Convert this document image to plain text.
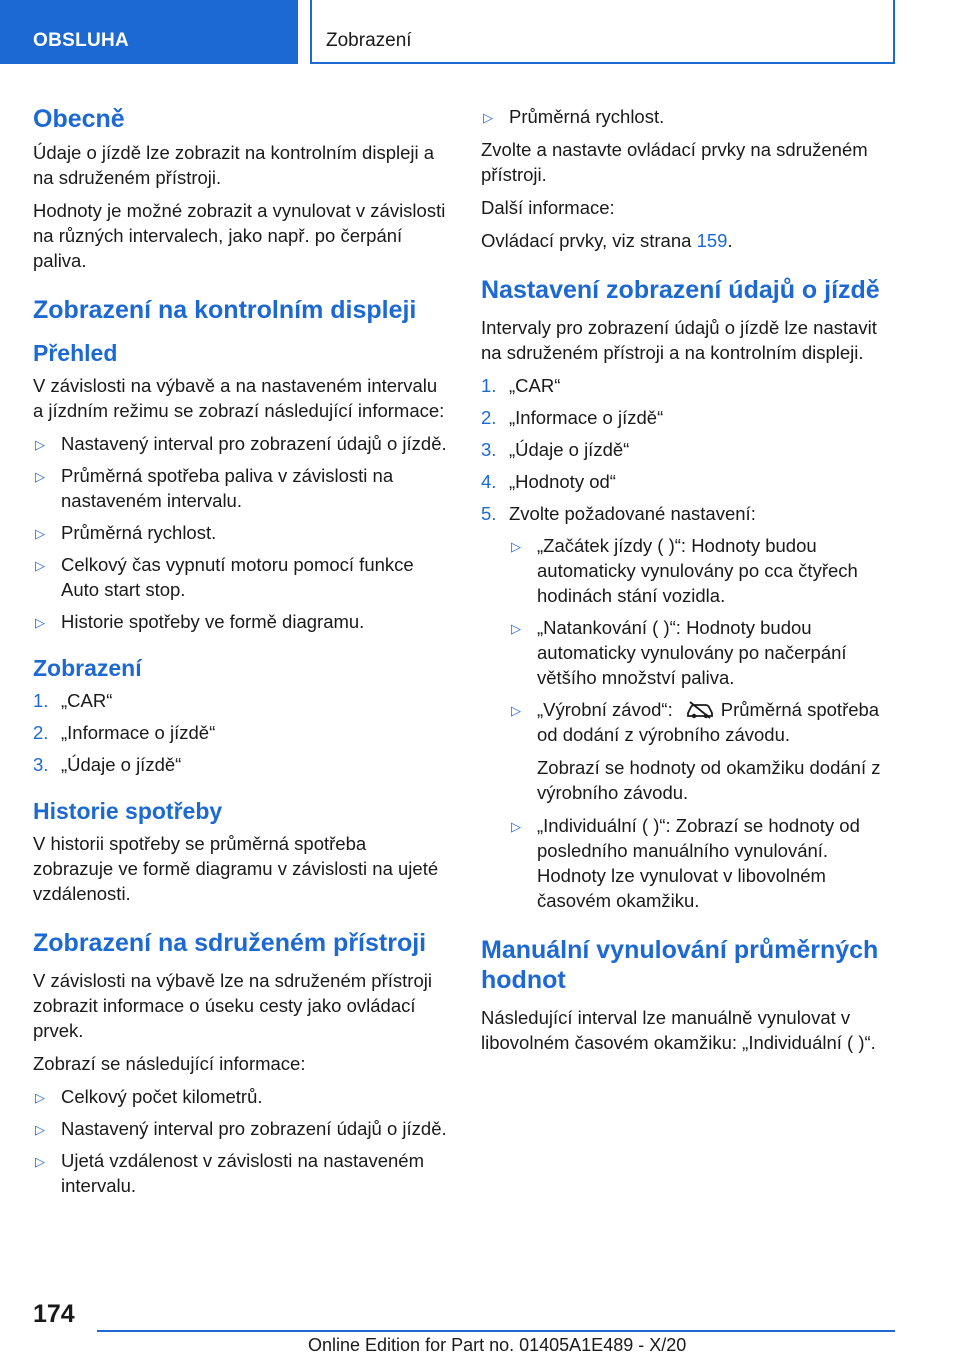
OBSLUHA	Zobrazení
Obecně

Údaje o jízdě lze zobrazit na kontrolním displeji a na sdruženém přístroji.

Hodnoty je možné zobrazit a vynulovat v závislosti na různých intervalech, jako např. po čerpání paliva.

Zobrazení na kontrolním displeji
Přehled

V závislosti na výbavě a na nastaveném intervalu a jízdním režimu se zobrazí následující informace:

▷ Nastavený interval pro zobrazení údajů o jízdě.
▷ Průměrná spotřeba paliva v závislosti na nastaveném intervalu.
▷ Průměrná rychlost.
▷ Celkový čas vypnutí motoru pomocí funkce Auto start stop.
▷ Historie spotřeby ve formě diagramu.
Zobrazení
1. „CAR“
2. „Informace o jízdě“
3. „Údaje o jízdě“
Historie spotřeby

V historii spotřeby se průměrná spotřeba zobrazuje ve formě diagramu v závislosti na ujeté vzdálenosti.

Zobrazení na sdruženém přístroji

V závislosti na výbavě lze na sdruženém přístroji zobrazit informace o úseku cesty jako ovládací prvek.

Zobrazí se následující informace:

▷ Celkový počet kilometrů.
▷ Nastavený interval pro zobrazení údajů o jízdě.
▷ Ujetá vzdálenost v závislosti na nastaveném intervalu.
▷ Průměrná rychlost.

Zvolte a nastavte ovládací prvky na sdruženém přístroji.

Další informace:

Ovládací prvky, viz strana 159.

Nastavení zobrazení údajů o jízdě

Intervaly pro zobrazení údajů o jízdě lze nastavit na sdruženém přístroji a na kontrolním displeji.

1. „CAR“
2. „Informace o jízdě“
3. „Údaje o jízdě“
4. „Hodnoty od“
5. Zvolte požadované nastavení:
▷ „Začátek jízdy ( )“: Hodnoty budou automaticky vynulovány po cca čtyřech hodinách stání vozidla.
▷ „Natankování ( )“: Hodnoty budou automaticky vynulovány po načerpání většího množství paliva.
▷ „Výrobní závod“:	Průměrná spotřeba od dodání z výrobního závodu.

Zobrazí se hodnoty od okamžiku dodání z výrobního závodu.

▷ „Individuální ( )“: Zobrazí se hodnoty od posledního manuálního vynulování. Hodnoty lze vynulovat v libovolném časovém okamžiku.
Manuální vynulování průměrných hodnot

Následující interval lze manuálně vynulovat v libovolném časovém okamžiku: „Individuální ( )“.

174
Online Edition for Part no. 01405A1E489 - X/20
